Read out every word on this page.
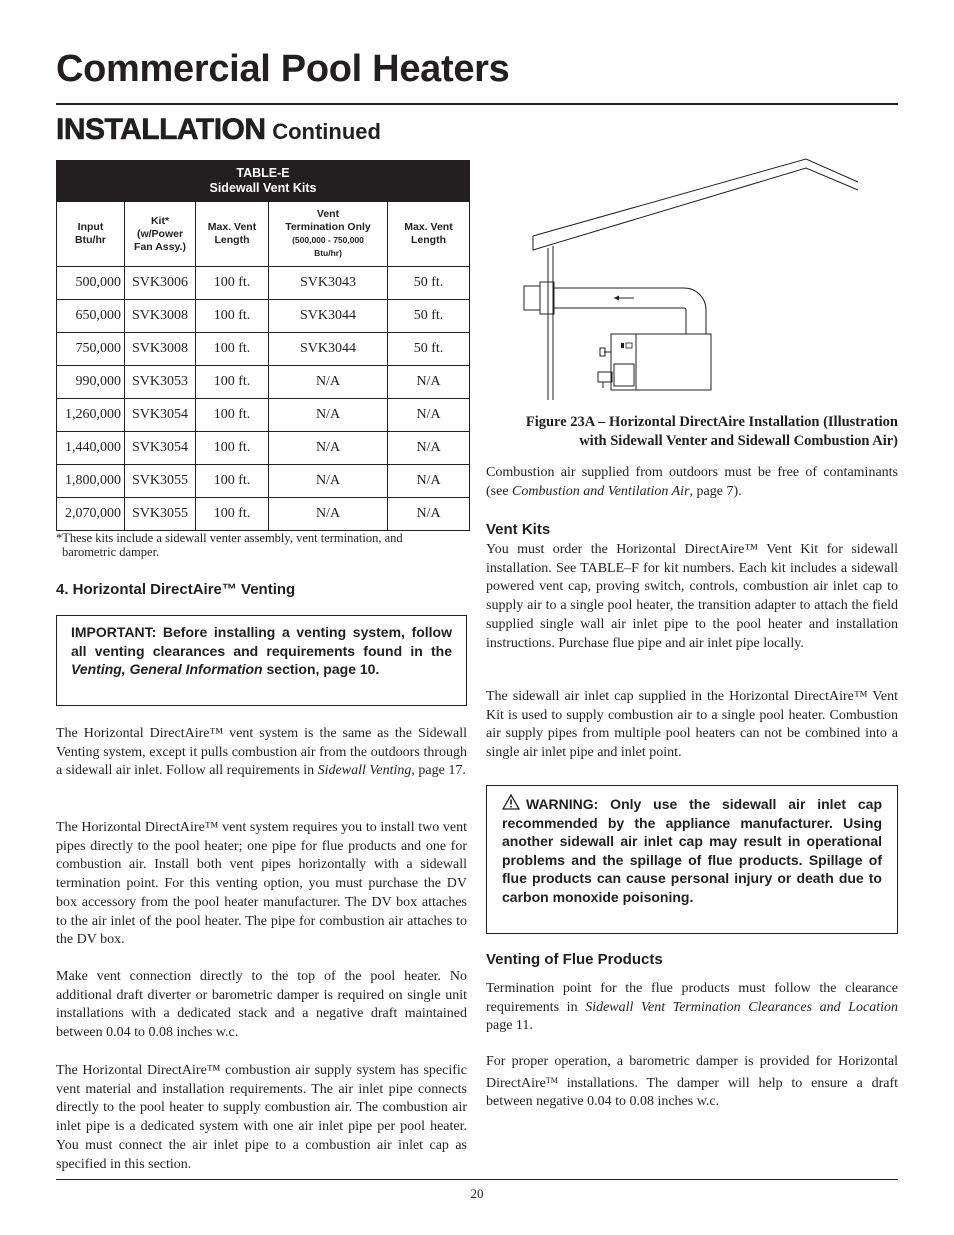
Commercial Pool Heaters
INSTALLATION Continued
TABLE-E
Sidewall Vent Kits				
Input
Btu/hr	Kit*
(w/Power
Fan Assy.)	Max. Vent
Length	Vent
Termination Only
(500,000 - 750,000
Btu/hr)	Max. Vent
Length
500,000	SVK3006	100 ft.	SVK3043	50 ft.
650,000	SVK3008	100 ft.	SVK3044	50 ft.
750,000	SVK3008	100 ft.	SVK3044	50 ft.
990,000	SVK3053	100 ft.	N/A	N/A
1,260,000	SVK3054	100 ft.	N/A	N/A
1,440,000	SVK3054	100 ft.	N/A	N/A
1,800,000	SVK3055	100 ft.	N/A	N/A
2,070,000	SVK3055	100 ft.	N/A	N/A
*These kits include a sidewall venter assembly, vent termination, and
barometric damper.
4. Horizontal DirectAire™ Venting
IMPORTANT: Before installing a venting system, follow all venting clearances and requirements found in the Venting, General Information section, page 10.
The Horizontal DirectAire™ vent system is the same as the Sidewall Venting system, except it pulls combustion air from the outdoors through a sidewall air inlet. Follow all requirements in Sidewall Venting, page 17.
The Horizontal DirectAire™ vent system requires you to install two vent pipes directly to the pool heater; one pipe for flue products and one for combustion air. Install both vent pipes horizontally with a sidewall termination point. For this venting option, you must purchase the DV box accessory from the pool heater manufacturer. The DV box attaches to the air inlet of the pool heater. The pipe for combustion air attaches to the DV box.
Make vent connection directly to the top of the pool heater. No additional draft diverter or barometric damper is required on single unit installations with a dedicated stack and a negative draft maintained between 0.04 to 0.08 inches w.c.
The Horizontal DirectAire™ combustion air supply system has specific vent material and installation requirements. The air inlet pipe connects directly to the pool heater to supply combustion air. The combustion air inlet pipe is a dedicated system with one air inlet pipe per pool heater. You must connect the air inlet pipe to a combustion air inlet cap as specified in this section.
Figure 23A – Horizontal DirectAire Installation (Illustration
with Sidewall Venter and Sidewall Combustion Air)
Combustion air supplied from outdoors must be free of contaminants (see Combustion and Ventilation Air, page 7).
Vent Kits
You must order the Horizontal DirectAire™ Vent Kit for sidewall installation. See TABLE–F for kit numbers. Each kit includes a sidewall powered vent cap, proving switch, controls, combustion air inlet cap to supply air to a single pool heater, the transition adapter to attach the field supplied single wall air inlet pipe to the pool heater and installation instructions. Purchase flue pipe and air inlet pipe locally.
The sidewall air inlet cap supplied in the Horizontal DirectAire™ Vent Kit is used to supply combustion air to a single pool heater. Combustion air supply pipes from multiple pool heaters can not be combined into a single air inlet pipe and inlet point.
WARNING: Only use the sidewall air inlet cap recommended by the appliance manufacturer. Using another sidewall air inlet cap may result in operational problems and the spillage of flue products. Spillage of flue products can cause personal injury or death due to carbon monoxide poisoning.
Venting of Flue Products
Termination point for the flue products must follow the clearance requirements in Sidewall Vent Termination Clearances and Location page 11.
For proper operation, a barometric damper is provided for Horizontal DirectAire™ installations. The damper will help to ensure a draft between negative 0.04 to 0.08 inches w.c.
20
